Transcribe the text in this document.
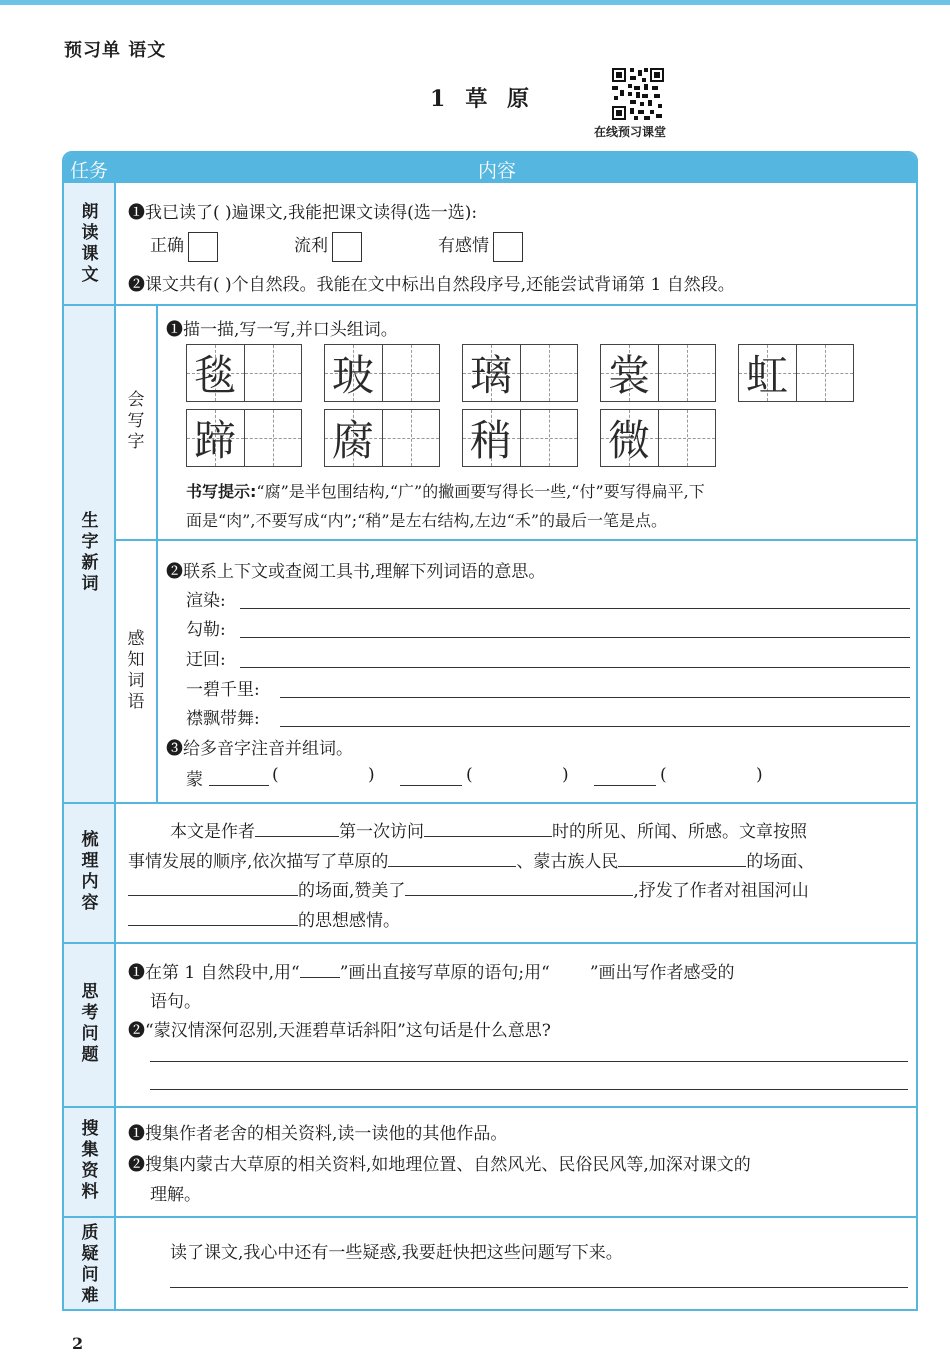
预习单 语文
1 草 原
在线预习课堂
任务	内容
朗
读
课
文
❶我已读了( )遍课文,我能把课文读得(选一选):
正确	流利	有感情
❷课文共有( )个自然段。我能在文中标出自然段序号,还能尝试背诵第 1 自然段。
生
字
新
词
会
写
字
❶描一描,写一写,并口头组词。
毯 玻 璃 裳 虹
蹄 腐 稍 微
书写提示:“腐”是半包围结构,“广”的撇画要写得长一些,“付”要写得扁平,下
面是“肉”,不要写成“内”;“稍”是左右结构,左边“禾”的最后一笔是点。
感
知
词
语
❷联系上下文或查阅工具书,理解下列词语的意思。
渲染:
勾勒:
迂回:
一碧千里:
襟飘带舞:
❸给多音字注音并组词。
蒙	(	)	(	)	(	)
梳
理
内
容
本文是作者	第一次访问	时的所见、所闻、所感。文章按照
事情发展的顺序,依次描写了草原的	、蒙古族人民	的场面、
的场面,赞美了	,抒发了作者对祖国河山
的思想感情。
思
考
问
题
❶在第 1 自然段中,用“ ”画出直接写草原的语句;用“ ”画出写作者感受的
语句。
❷“蒙汉情深何忍别,天涯碧草话斜阳”这句话是什么意思?
搜
集
资
料
❶搜集作者老舍的相关资料,读一读他的其他作品。
❷搜集内蒙古大草原的相关资料,如地理位置、自然风光、民俗民风等,加深对课文的
理解。
质
疑
问
难
读了课文,我心中还有一些疑惑,我要赶快把这些问题写下来。
2
